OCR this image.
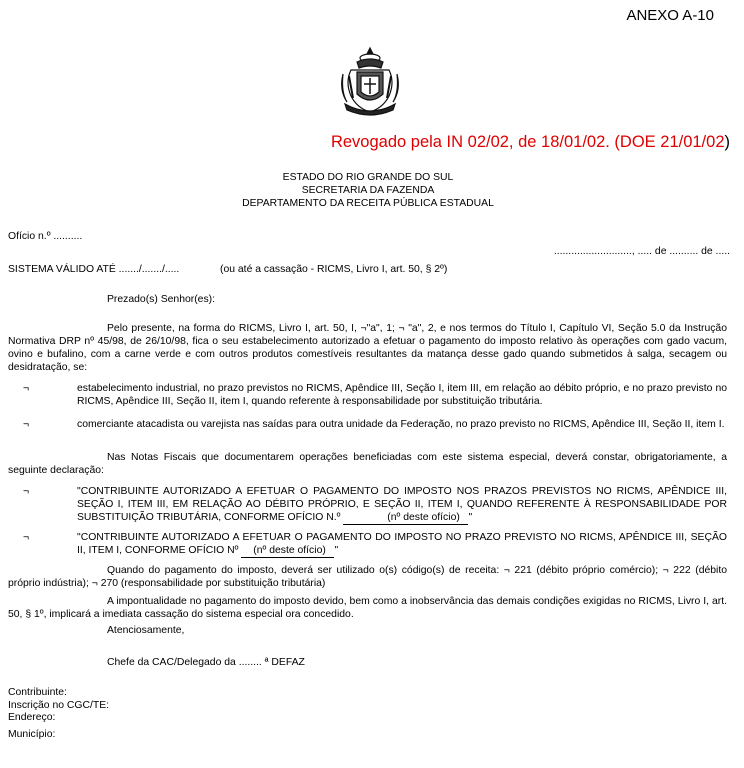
ANEXO A-10
Revogado pela IN 02/02, de 18/01/02. (DOE 21/01/02)
ESTADO DO RIO GRANDE DO SUL
SECRETARIA DA FAZENDA
DEPARTAMENTO DA RECEITA PÚBLICA ESTADUAL
Ofício n.º ..........
..........................., ..... de .......... de .....
SISTEMA VÁLIDO ATÉ ......./......./.....	(ou até a cassação - RICMS, Livro I, art. 50, § 2º)
Prezado(s) Senhor(es):
Pelo presente, na forma do RICMS, Livro I, art. 50, I, ¬"a", 1; ¬ "a", 2, e nos termos do Título I, Capítulo VI, Seção 5.0 da Instrução Normativa DRP nº 45/98, de 26/10/98, fica o seu estabelecimento autorizado a efetuar o pagamento do imposto relativo às operações com gado vacum, ovino e bufalino, com a carne verde e com outros produtos comestíveis resultantes da matança desse gado quando submetidos à salga, secagem ou desidratação, se:
¬	estabelecimento industrial, no prazo previstos no RICMS, Apêndice III, Seção I, item III, em relação ao débito próprio, e no prazo previsto no RICMS, Apêndice III, Seção II, item I, quando referente à responsabilidade por substituição tributária.
¬	comerciante atacadista ou varejista nas saídas para outra unidade da Federação, no prazo previsto no RICMS, Apêndice III, Seção II, item I.
Nas Notas Fiscais que documentarem operações beneficiadas com este sistema especial, deverá constar, obrigatoriamente, a seguinte declaração:
¬	"CONTRIBUINTE AUTORIZADO A EFETUAR O PAGAMENTO DO IMPOSTO NOS PRAZOS PREVISTOS NO RICMS, APÊNDICE III, SEÇÃO I, ITEM III, EM RELAÇÃO AO DÉBITO PRÓPRIO, E SEÇÃO II, ITEM I, QUANDO REFERENTE À RESPONSABILIDADE POR SUBSTITUIÇÃO TRIBUTÁRIA, CONFORME OFÍCIO N.º	(nº deste ofício) "
¬	"CONTRIBUINTE AUTORIZADO A EFETUAR O PAGAMENTO DO IMPOSTO NO PRAZO PREVISTO NO RICMS, APÊNDICE III, SEÇÃO II, ITEM I, CONFORME OFÍCIO Nº (nº deste ofício) "
Quando do pagamento do imposto, deverá ser utilizado o(s) código(s) de receita: ¬ 221 (débito próprio comércio); ¬ 222 (débito próprio indústria); ¬ 270 (responsabilidade por substituição tributária)
A impontualidade no pagamento do imposto devido, bem como a inobservância das demais condições exigidas no RICMS, Livro I, art. 50, § 1º, implicará a imediata cassação do sistema especial ora concedido.
Atenciosamente,
Chefe da CAC/Delegado da ........ ª DEFAZ
Contribuinte:
Inscrição no CGC/TE:
Endereço:
Município:
